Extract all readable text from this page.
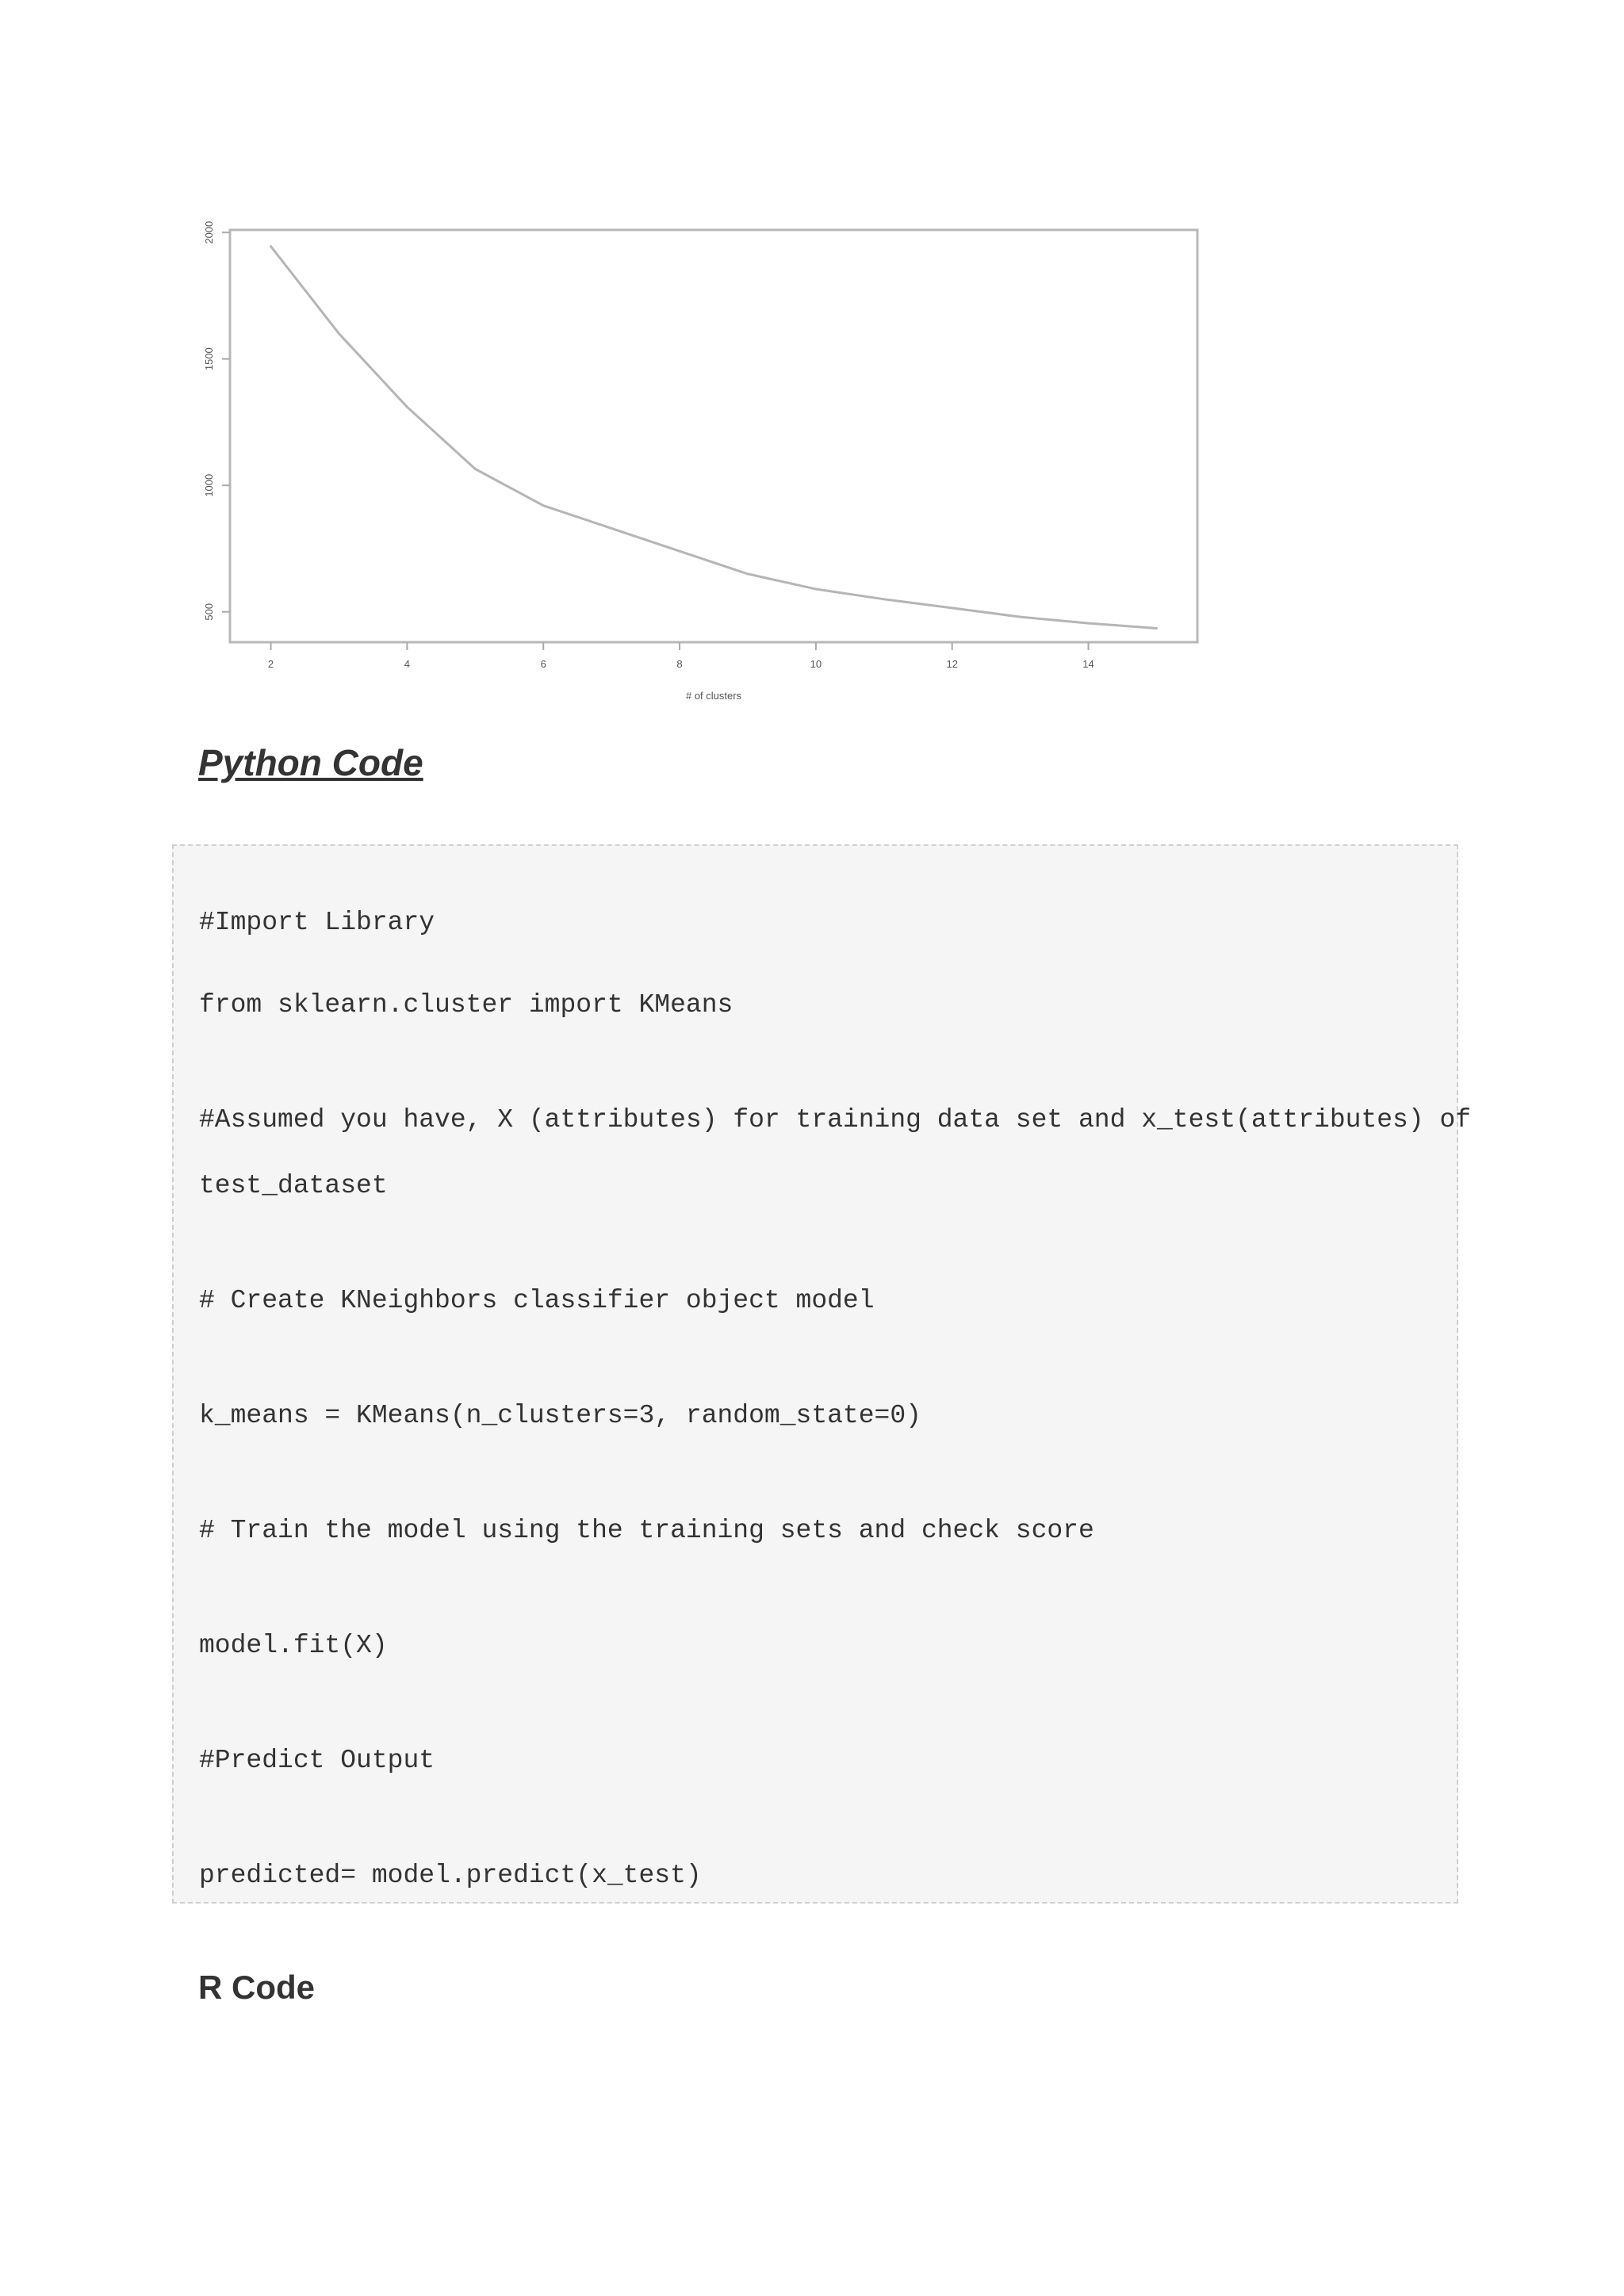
2	4	6	8	10	12	14
500
1000
1500
2000
# of clusters
Python Code

#Import Library

from sklearn.cluster import KMeans

#Assumed you have, X (attributes) for training data set and x_test(attributes) of

test_dataset

# Create KNeighbors classifier object model

k_means = KMeans(n_clusters=3, random_state=0)

# Train the model using the training sets and check score

model.fit(X)

#Predict Output

predicted= model.predict(x_test)

R Code
